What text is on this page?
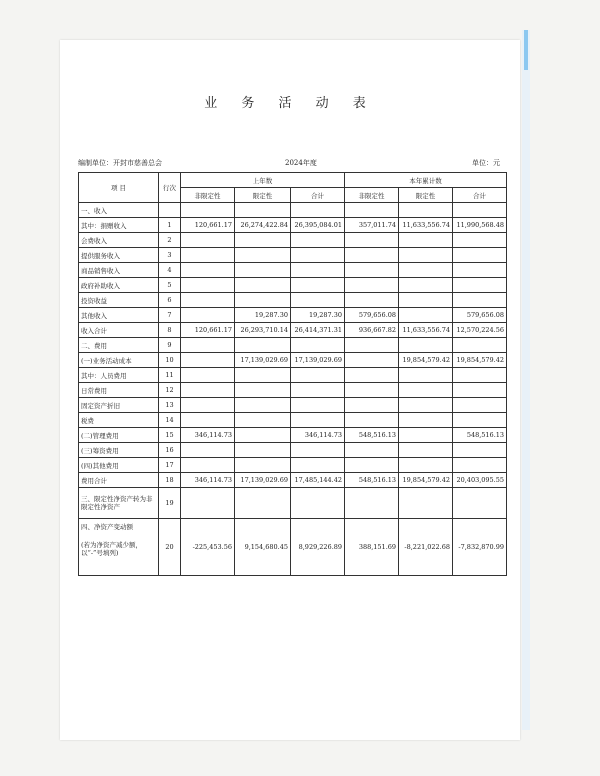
业 务 活 动 表
编制单位：开封市慈善总会	2024年度	单位：元
项 目	行次	上年数			本年累计数		
		非限定性	限定性	合计	非限定性	限定性	合计
一、收入							
其中：捐赠收入	1	120,661.17	26,274,422.84	26,395,084.01	357,011.74	11,633,556.74	11,990,568.48
会费收入	2						
提供服务收入	3						
商品销售收入	4						
政府补助收入	5						
投资收益	6						
其他收入	7		19,287.30	19,287.30	579,656.08		579,656.08
收入合计	8	120,661.17	26,293,710.14	26,414,371.31	936,667.82	11,633,556.74	12,570,224.56
二、费用	9						
(一)业务活动成本	10		17,139,029.69	17,139,029.69		19,854,579.42	19,854,579.42
其中：人员费用	11						
日常费用	12						
固定资产折旧	13						
税费	14						
(二)管理费用	15	346,114.73		346,114.73	548,516.13		548,516.13
(三)筹资费用	16						
(四)其他费用	17						
费用合计	18	346,114.73	17,139,029.69	17,485,144.42	548,516.13	19,854,579.42	20,403,095.55
三、限定性净资产转为非限定性净资产	19						

四、净资产变动额
(若为净资产减少额，以“-”号填列)	20	-225,453.56	9,154,680.45	8,929,226.89	388,151.69	-8,221,022.68	-7,832,870.99
